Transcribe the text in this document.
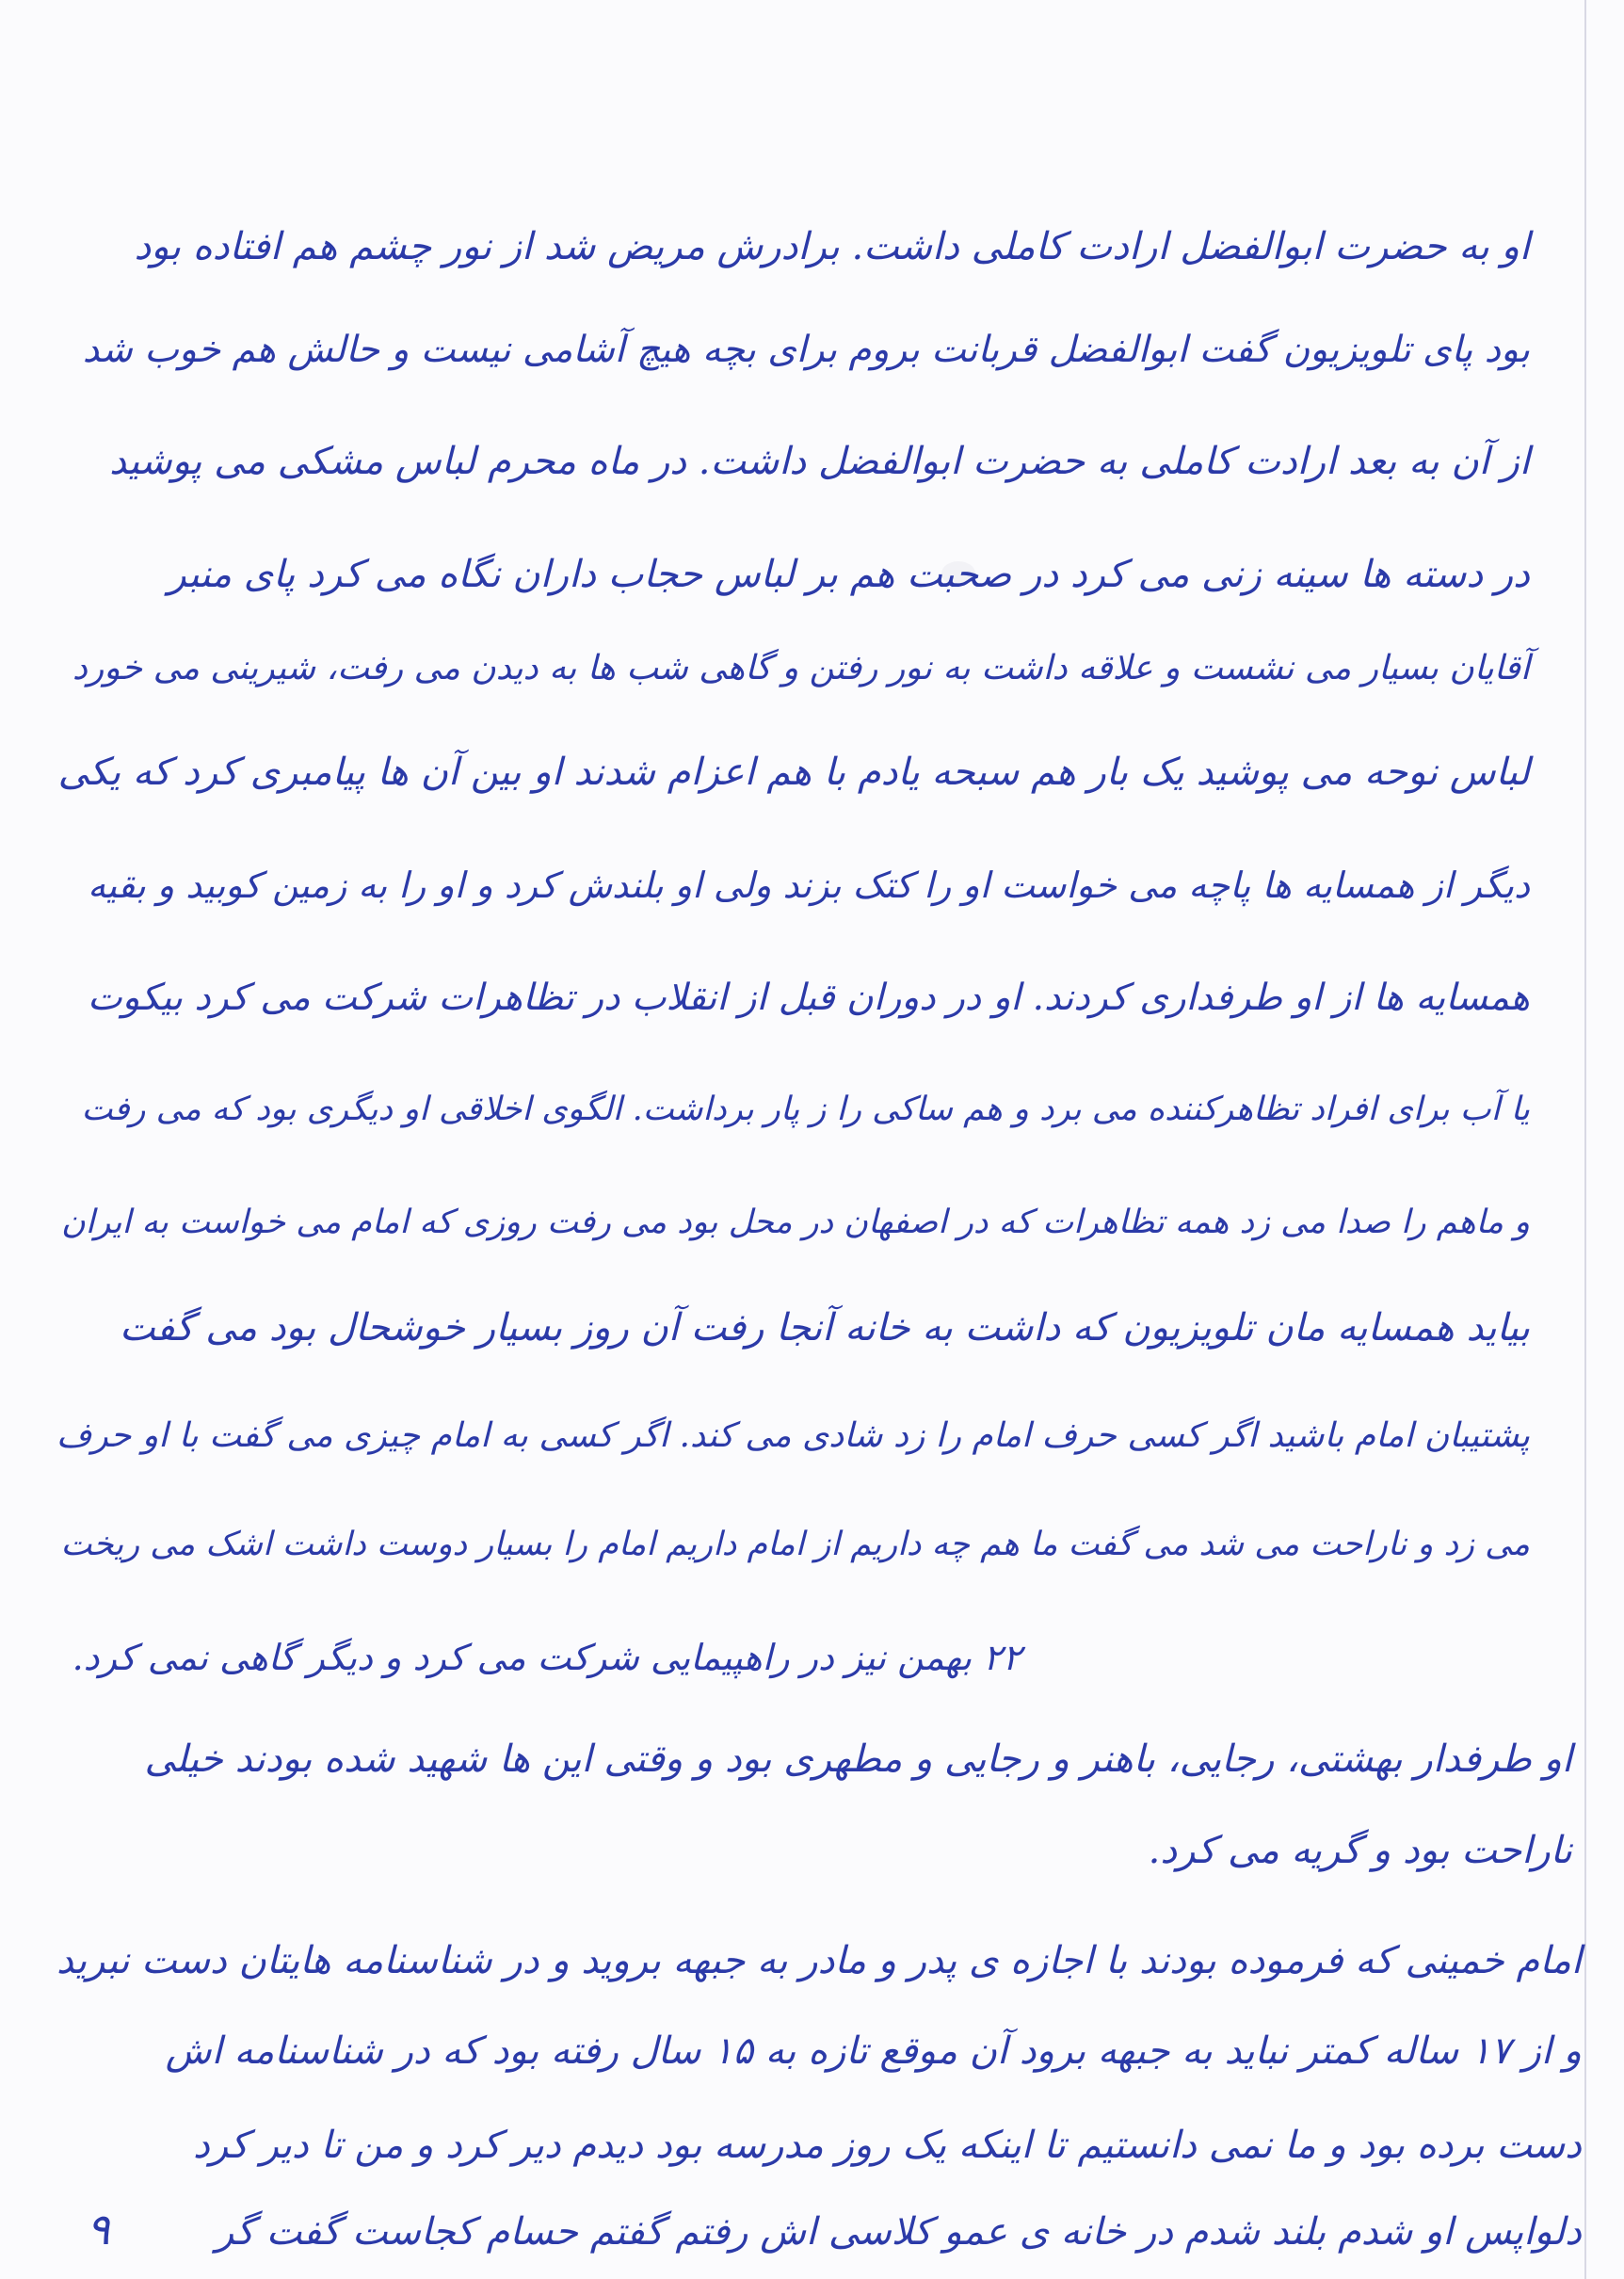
او به حضرت ابوالفضل ارادت کاملی داشت. برادرش مریض شد از نور چشم هم افتاده بود
بود پای تلویزیون گفت ابوالفضل قربانت بروم برای بچه هیچ آشامی نیست و حالش هم خوب شد
از آن به بعد ارادت کاملی به حضرت ابوالفضل داشت. در ماه محرم لباس مشکی می پوشید
در دسته ها سینه زنی می کرد در صحبت هم بر لباس حجاب داران نگاه می کرد پای منبر
آقایان بسیار می نشست و علاقه داشت به نور رفتن و گاهی شب ها به دیدن می رفت، شیرینی می خورد
لباس نوحه می پوشید یک بار هم سبحه یادم با هم اعزام شدند او بین آن ها پیامبری کرد که یکی
دیگر از همسایه ها پاچه می خواست او را کتک بزند ولی او بلندش کرد و او را به زمین کوبید و بقیه
همسایه ها از او طرفداری کردند. او در دوران قبل از انقلاب در تظاهرات شرکت می کرد بیکوت
یا آب برای افراد تظاهرکننده می برد و هم ساکی را ز پار برداشت. الگوی اخلاقی او دیگری بود که می رفت
و ماهم را صدا می زد همه تظاهرات که در اصفهان در محل بود می رفت روزی که امام می خواست به ایران
بیاید همسایه مان تلویزیون که داشت به خانه آنجا رفت آن روز بسیار خوشحال بود می گفت
پشتیبان امام باشید اگر کسی حرف امام را زد شادی می کند. اگر کسی به امام چیزی می گفت با او حرف
می زد و ناراحت می شد می گفت ما هم چه داریم از امام داریم امام را بسیار دوست داشت اشک می ریخت
۲۲ بهمن نیز در راهپیمایی شرکت می کرد و دیگر گاهی نمی کرد.
او طرفدار بهشتی، رجایی، باهنر و رجایی و مطهری بود و وقتی این ها شهید شده بودند خیلی
ناراحت بود و گریه می کرد.
امام خمینی که فرموده بودند با اجازه ی پدر و مادر به جبهه بروید و در شناسنامه هایتان دست نبرید
و از ۱۷ ساله کمتر نباید به جبهه برود آن موقع تازه به ۱۵ سال رفته بود که در شناسنامه اش
دست برده بود و ما نمی دانستیم تا اینکه یک روز مدرسه بود دیدم دیر کرد و من تا دیر کرد
دلواپس او شدم بلند شدم در خانه ی عمو کلاسی اش رفتم گفتم حسام کجاست گفت گر
۹
